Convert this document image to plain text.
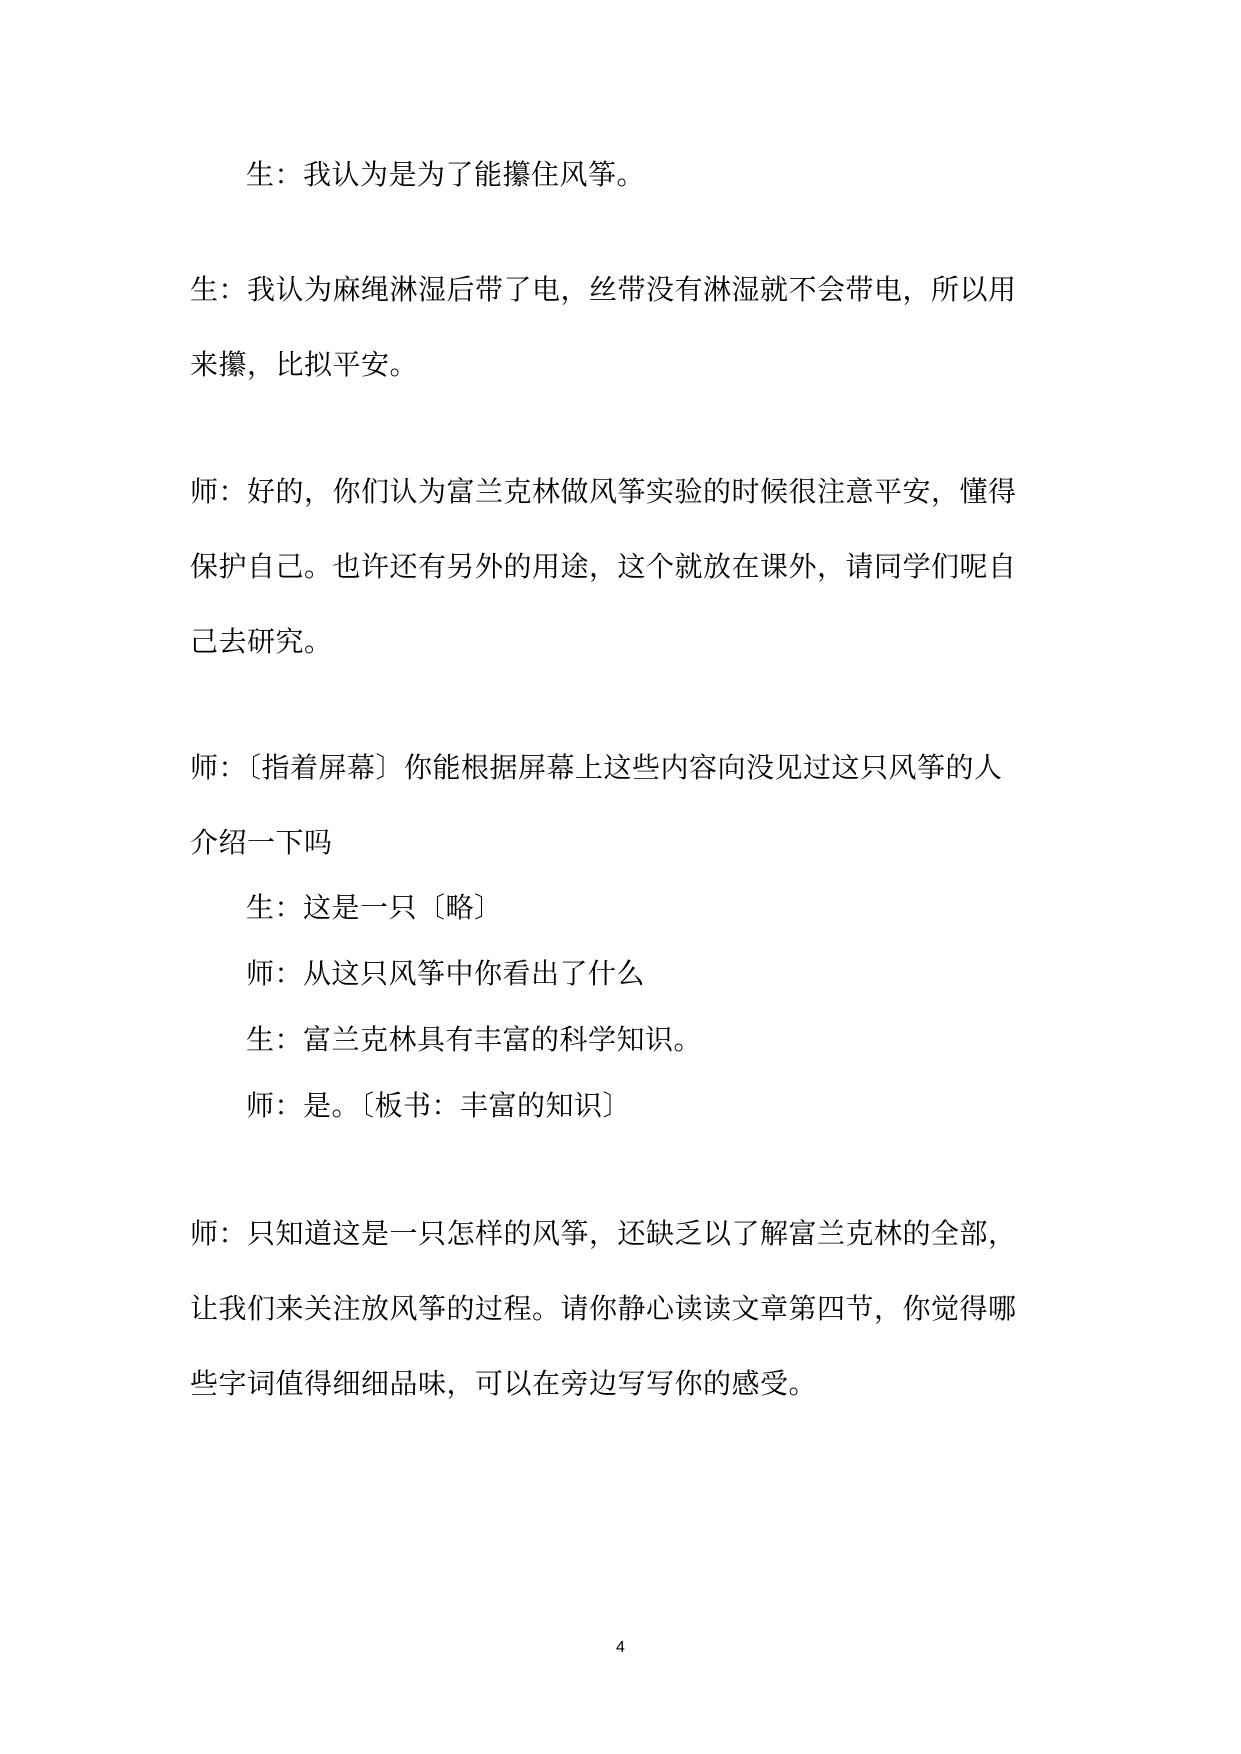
生：我认为是为了能攥住风筝。
生：我认为麻绳淋湿后带了电，丝带没有淋湿就不会带电，所以用
来攥，比拟平安。
师：好的，你们认为富兰克林做风筝实验的时候很注意平安，懂得
保护自己。也许还有另外的用途，这个就放在课外，请同学们呢自
己去研究。
师：〔指着屏幕〕你能根据屏幕上这些内容向没见过这只风筝的人
介绍一下吗
生：这是一只〔略〕
师：从这只风筝中你看出了什么
生：富兰克林具有丰富的科学知识。
师：是。〔板书：丰富的知识〕
师：只知道这是一只怎样的风筝，还缺乏以了解富兰克林的全部，
让我们来关注放风筝的过程。请你静心读读文章第四节，你觉得哪
些字词值得细细品味，可以在旁边写写你的感受。
4
